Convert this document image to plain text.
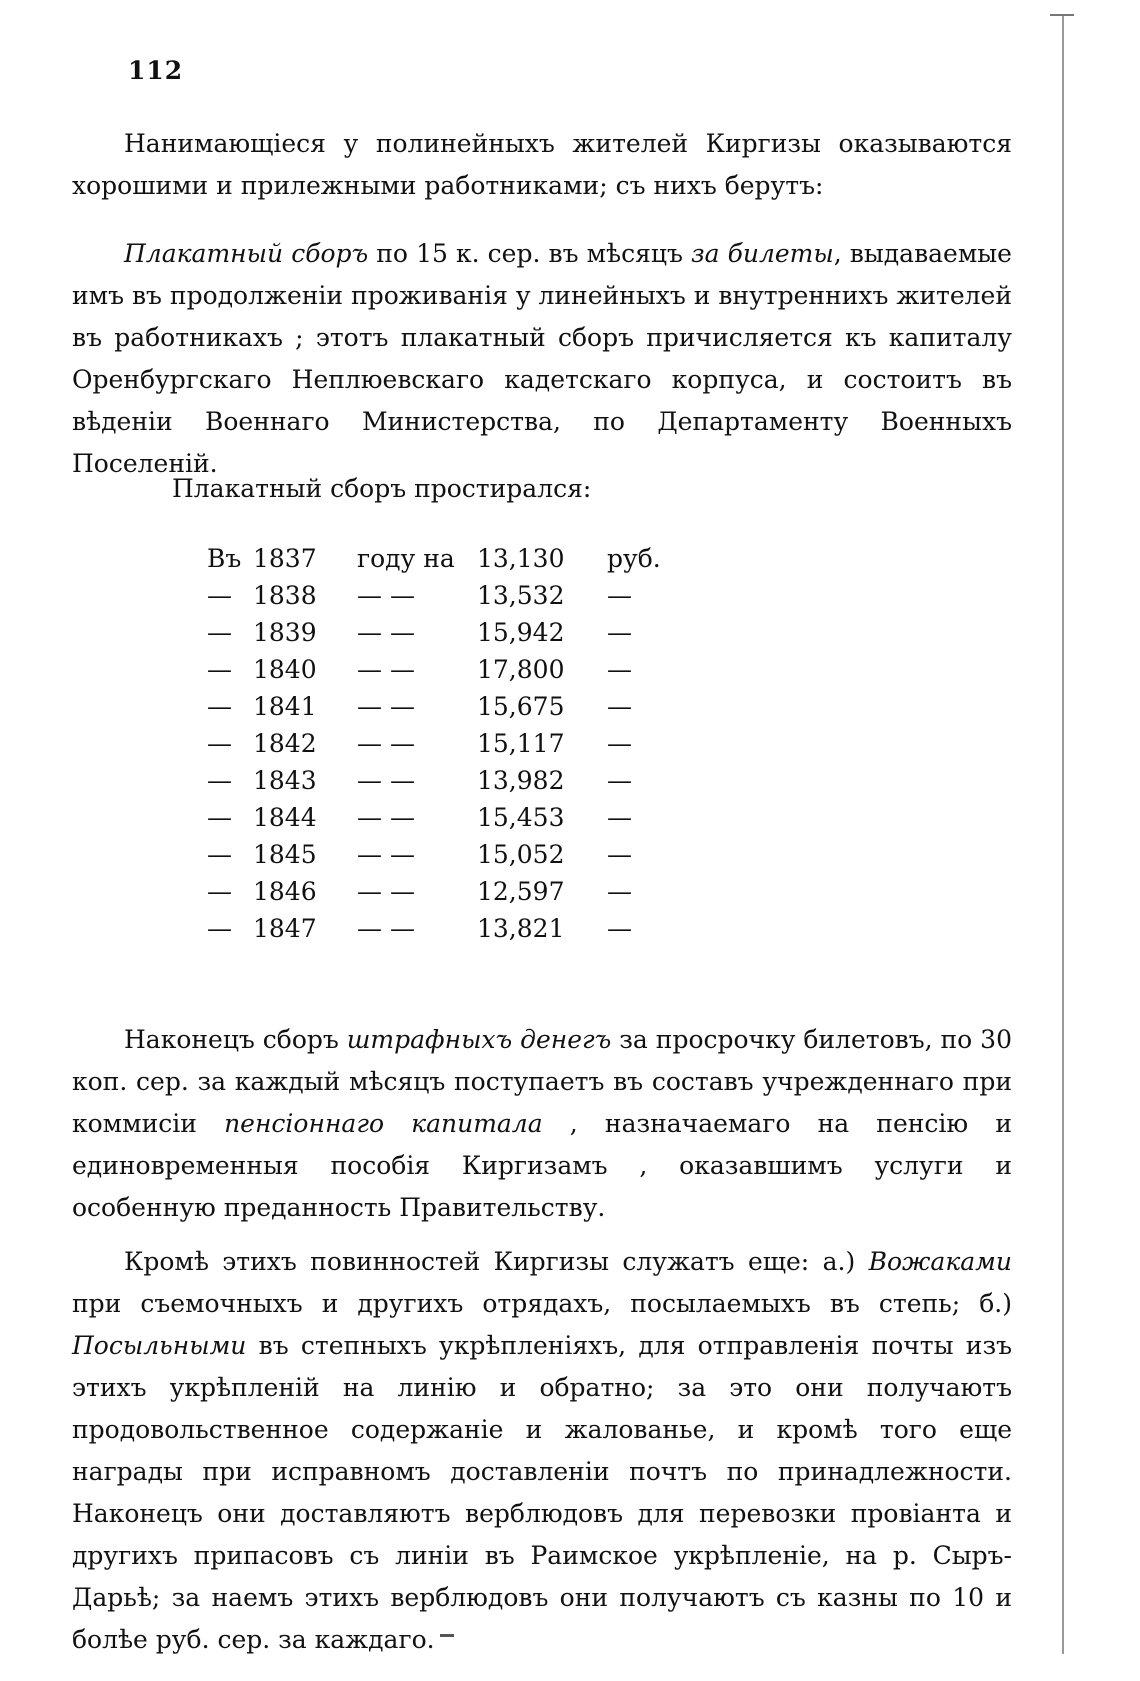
112

Нанимающіеся у полинейныхъ жителей Киргизы оказываются хорошими и прилежными работниками; съ нихъ берутъ:

Плакатный сборъ по 15 к. сер. въ мѣсяцъ за билеты, выдаваемые имъ въ продолженіи проживанія у линейныхъ и внутреннихъ жителей въ работникахъ ; этотъ плакатный сборъ причисляется къ капиталу Оренбургскаго Неплюевскаго кадетскаго корпуса, и состоитъ въ вѣденіи Военнаго Министерства, по Департаменту Военныхъ Поселеній.

Плакатный сборъ простирался:
Въ	1837	году на	13,130	руб.
—	1838	— —	13,532	—
—	1839	— —	15,942	—
—	1840	— —	17,800	—
—	1841	— —	15,675	—
—	1842	— —	15,117	—
—	1843	— —	13,982	—
—	1844	— —	15,453	—
—	1845	— —	15,052	—
—	1846	— —	12,597	—
—	1847	— —	13,821	—

Наконецъ сборъ штрафныхъ денегъ за просрочку билетовъ, по 30 коп. сер. за каждый мѣсяцъ поступаетъ въ составъ учрежденнаго при коммисіи пенсіоннаго капитала , назначаемаго на пенсію и единовременныя пособія Киргизамъ , оказавшимъ услуги и особенную преданность Правительству.

Кромѣ этихъ повинностей Киргизы служатъ еще: а.) Вожаками при съемочныхъ и другихъ отрядахъ, посылаемыхъ въ степь; б.) Посыльными въ степныхъ укрѣпленіяхъ, для отправленія почты изъ этихъ укрѣпленій на линію и обратно; за это они получаютъ продовольственное содержаніе и жалованье, и кромѣ того еще награды при исправномъ доставленіи почтъ по принадлежности. Наконецъ они доставляютъ верблюдовъ для перевозки провіанта и другихъ припасовъ съ линіи въ Раимское укрѣпленіе, на р. Сыръ-Дарьѣ; за наемъ этихъ верблюдовъ они получаютъ съ казны по 10 и болѣе руб. сер. за каждаго.
